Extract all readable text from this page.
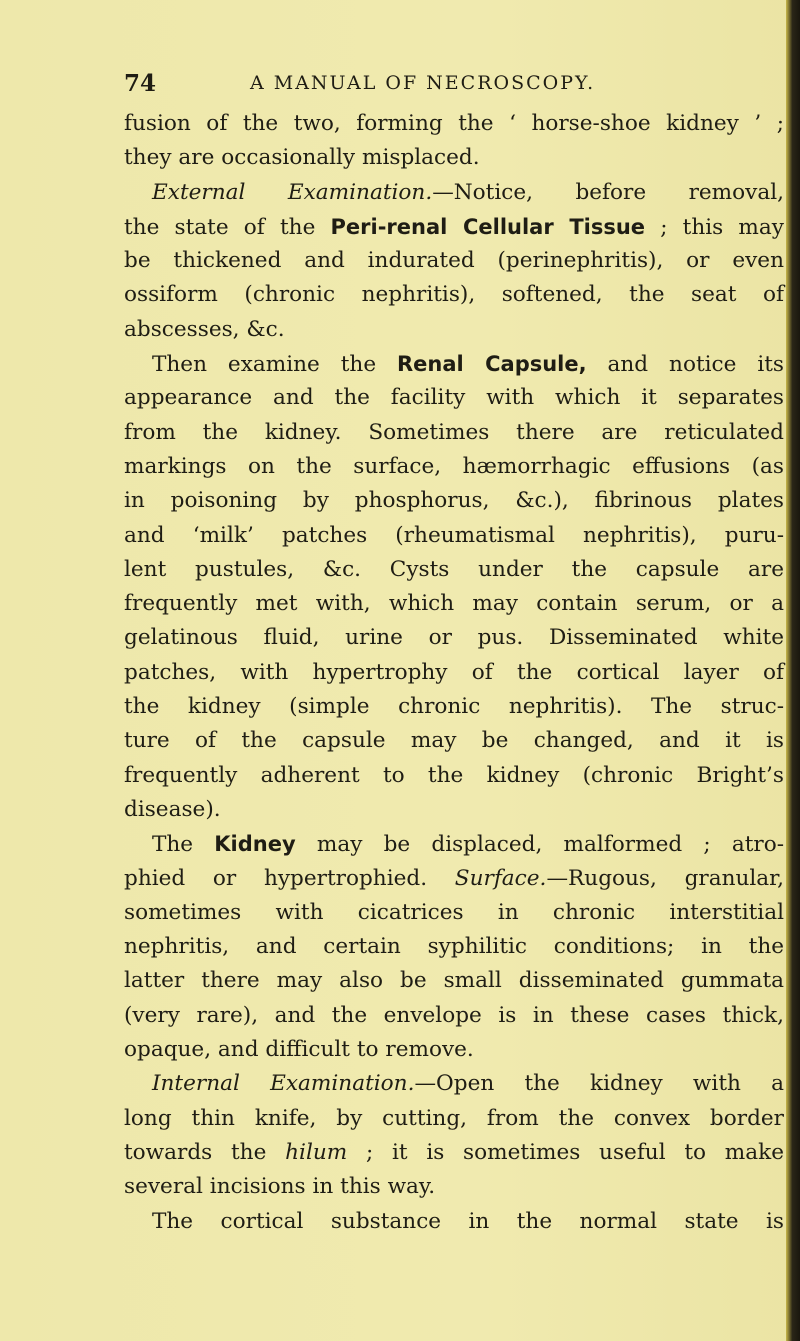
74	A MANUAL OF NECROSCOPY.
fusion of the two, forming the ‘ horse-shoe kidney ’ ;
they are occasionally misplaced.
External Examination.—Notice, before removal,
the state of the Peri-renal Cellular Tissue ; this may
be thickened and indurated (perinephritis), or even
ossiform (chronic nephritis), softened, the seat of
abscesses, &c.
Then examine the Renal Capsule, and notice its
appearance and the facility with which it separates
from the kidney. Sometimes there are reticulated
markings on the surface, hæmorrhagic effusions (as
in poisoning by phosphorus, &c.), fibrinous plates
and ‘milk’ patches (rheumatismal nephritis), puru-
lent pustules, &c. Cysts under the capsule are
frequently met with, which may contain serum, or a
gelatinous fluid, urine or pus. Disseminated white
patches, with hypertrophy of the cortical layer of
the kidney (simple chronic nephritis). The struc-
ture of the capsule may be changed, and it is
frequently adherent to the kidney (chronic Bright’s
disease).
The Kidney may be displaced, malformed ; atro-
phied or hypertrophied. Surface.—Rugous, granular,
sometimes with cicatrices in chronic interstitial
nephritis, and certain syphilitic conditions; in the
latter there may also be small disseminated gummata
(very rare), and the envelope is in these cases thick,
opaque, and difficult to remove.
Internal Examination.—Open the kidney with a
long thin knife, by cutting, from the convex border
towards the hilum ; it is sometimes useful to make
several incisions in this way.
The cortical substance in the normal state is
